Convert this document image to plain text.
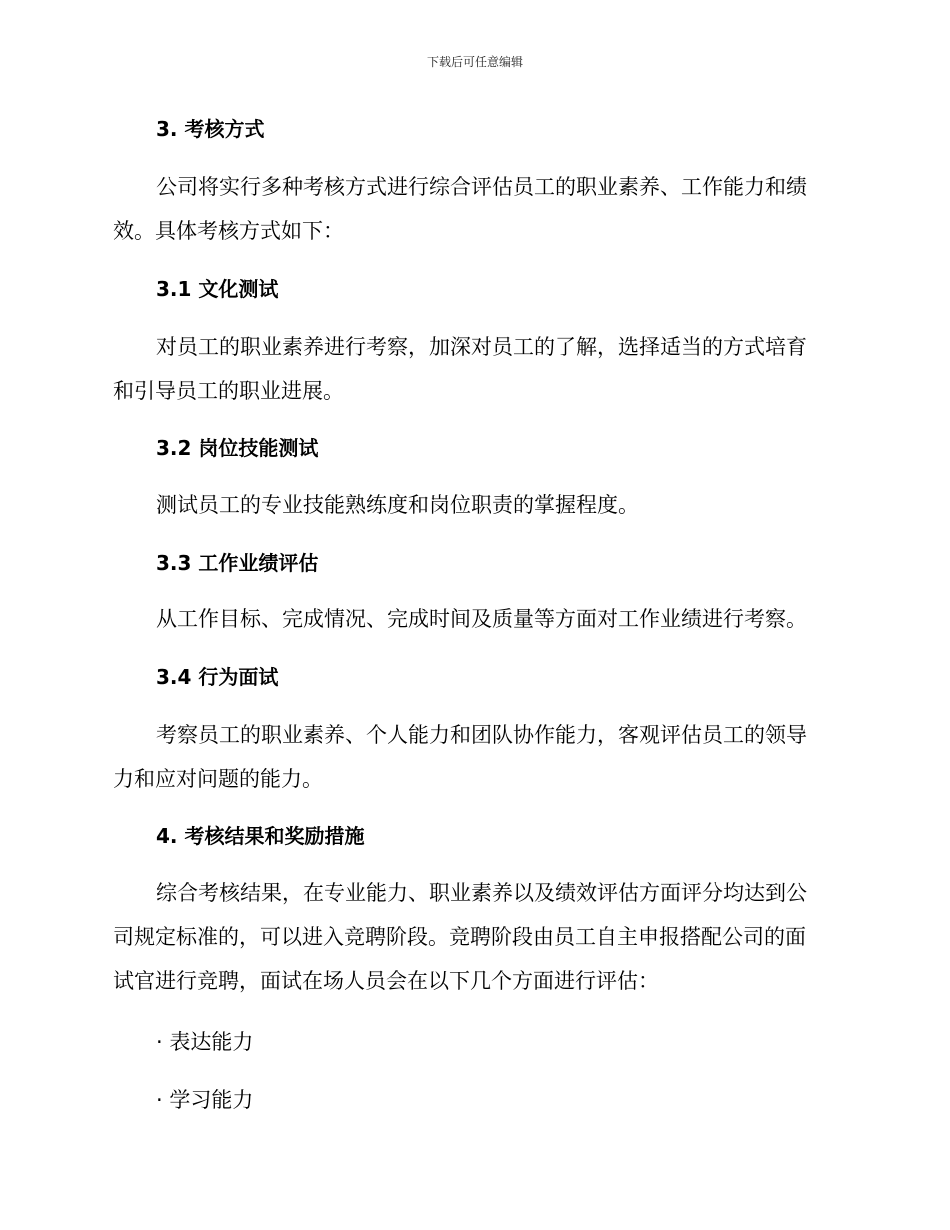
下载后可任意编辑
3. 考核方式
公司将实行多种考核方式进行综合评估员工的职业素养、工作能力和绩
效。具体考核方式如下：
3.1 文化测试
对员工的职业素养进行考察，加深对员工的了解，选择适当的方式培育
和引导员工的职业进展。
3.2 岗位技能测试
测试员工的专业技能熟练度和岗位职责的掌握程度。
3.3 工作业绩评估
从工作目标、完成情况、完成时间及质量等方面对工作业绩进行考察。
3.4 行为面试
考察员工的职业素养、个人能力和团队协作能力，客观评估员工的领导
力和应对问题的能力。
4. 考核结果和奖励措施
综合考核结果，在专业能力、职业素养以及绩效评估方面评分均达到公
司规定标准的，可以进入竞聘阶段。竞聘阶段由员工自主申报搭配公司的面
试官进行竞聘，面试在场人员会在以下几个方面进行评估：
· 表达能力
· 学习能力
